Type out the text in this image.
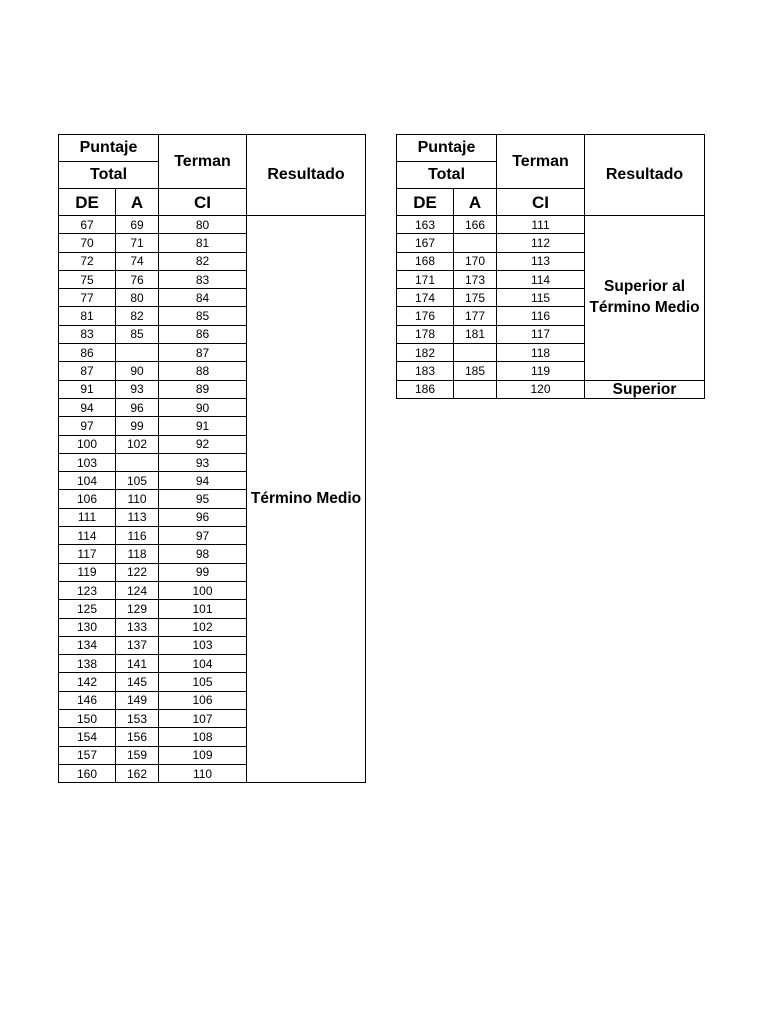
Puntaje		Terman	Resultado
Total			
DE	A	CI	
67	69	80	Término Medio
70	71	81	
72	74	82	
75	76	83	
77	80	84	
81	82	85	
83	85	86	
86		87	
87	90	88	
91	93	89	
94	96	90	
97	99	91	
100	102	92	
103		93	
104	105	94	
106	110	95	
111	113	96	
114	116	97	
117	118	98	
119	122	99	
123	124	100	
125	129	101	
130	133	102	
134	137	103	
138	141	104	
142	145	105	
146	149	106	
150	153	107	
154	156	108	
157	159	109	
160	162	110	
Puntaje		Terman	Resultado
Total			
DE	A	CI	
163	166	111	Superior al
Término Medio

167		112	
168	170	113	
171	173	114	
174	175	115	
176	177	116	
178	181	117	
182		118	
183	185	119	
186		120	Superior
